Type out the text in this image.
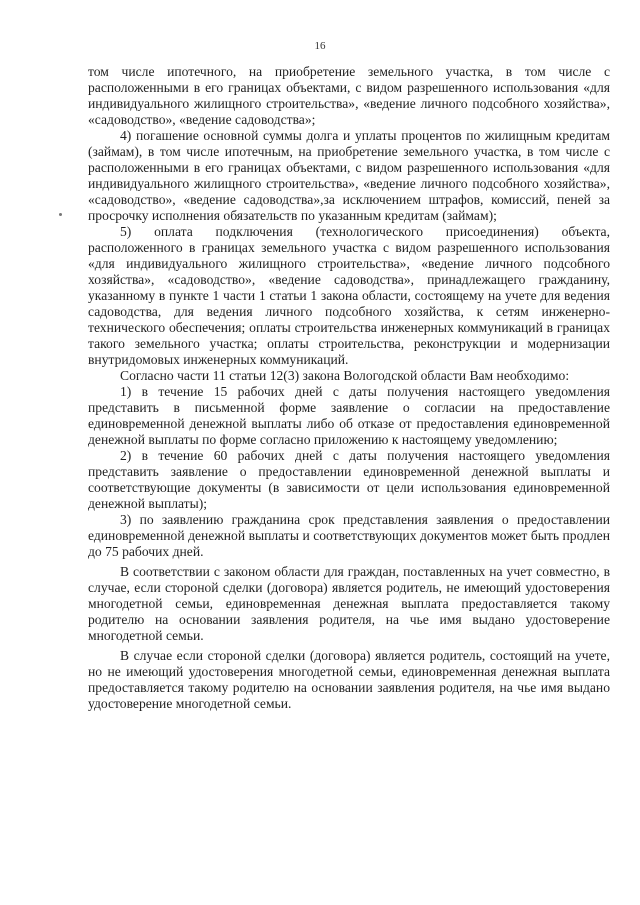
16

том числе ипотечного, на приобретение земельного участка, в том числе с расположенными в его границах объектами, с видом разрешенного использования «для индивидуального жилищного строительства», «ведение личного подсобного хозяйства», «садоводство», «ведение садоводства»;

4) погашение основной суммы долга и уплаты процентов по жилищным кредитам (займам), в том числе ипотечным, на приобретение земельного участка, в том числе с расположенными в его границах объектами, с видом разрешенного использования «для индивидуального жилищного строительства», «ведение личного подсобного хозяйства», «садоводство», «ведение садоводства»,за исключением штрафов, комиссий, пеней за просрочку исполнения обязательств по указанным кредитам (займам);

5) оплата подключения (технологического присоединения) объекта, расположенного в границах земельного участка с видом разрешенного использования «для индивидуального жилищного строительства», «ведение личного подсобного хозяйства», «садоводство», «ведение садоводства», принадлежащего гражданину, указанному в пункте 1 части 1 статьи 1 закона области, состоящему на учете для ведения садоводства, для ведения личного подсобного хозяйства, к сетям инженерно-технического обеспечения; оплаты строительства инженерных коммуникаций в границах такого земельного участка; оплаты строительства, реконструкции и модернизации внутридомовых инженерных коммуникаций.

Согласно части 11 статьи 12(3) закона Вологодской области Вам необходимо:

1) в течение 15 рабочих дней с даты получения настоящего уведомления представить в письменной форме заявление о согласии на предоставление единовременной денежной выплаты либо об отказе от предоставления единовременной денежной выплаты по форме согласно приложению к настоящему уведомлению;

2) в течение 60 рабочих дней с даты получения настоящего уведомления представить заявление о предоставлении единовременной денежной выплаты и соответствующие документы (в зависимости от цели использования единовременной денежной выплаты);

3) по заявлению гражданина срок представления заявления о предоставлении единовременной денежной выплаты и соответствующих документов может быть продлен до 75 рабочих дней.

В соответствии с законом области для граждан, поставленных на учет совместно, в случае, если стороной сделки (договора) является родитель, не имеющий удостоверения многодетной семьи, единовременная денежная выплата предоставляется такому родителю на основании заявления родителя, на чье имя выдано удостоверение многодетной семьи.

В случае если стороной сделки (договора) является родитель, состоящий на учете, но не имеющий удостоверения многодетной семьи, единовременная денежная выплата предоставляется такому родителю на основании заявления родителя, на чье имя выдано удостоверение многодетной семьи.
